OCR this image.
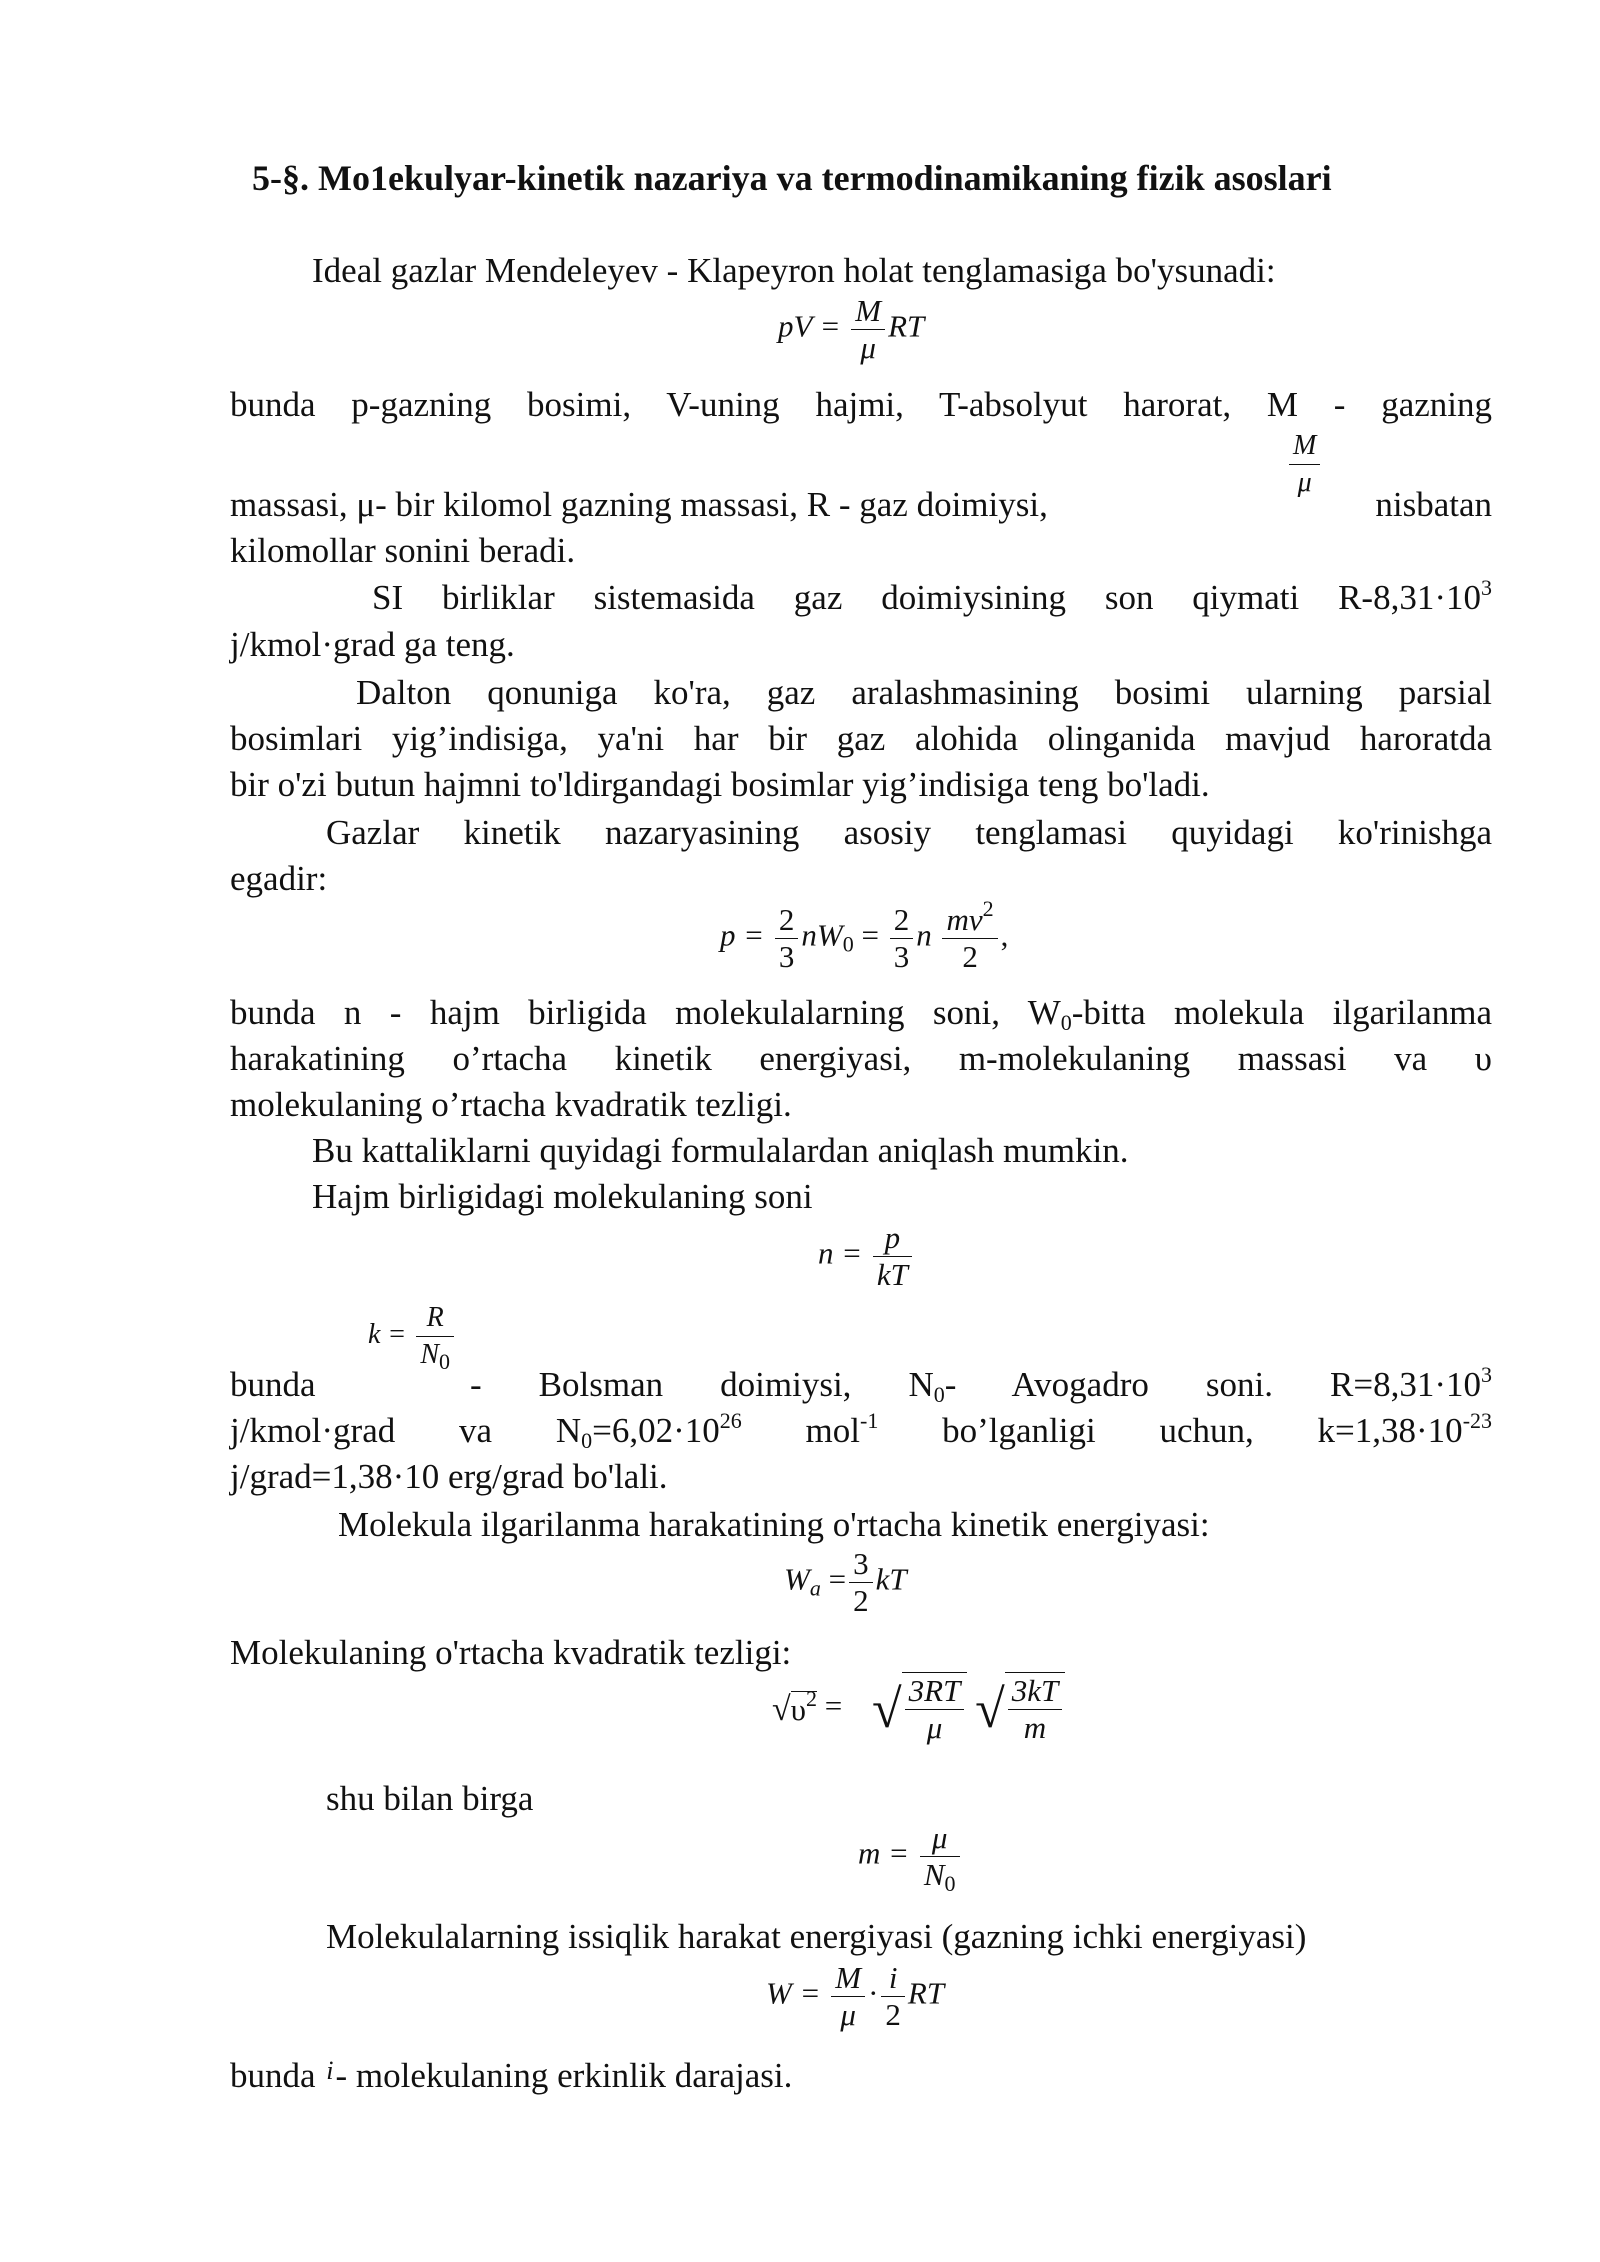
5-§. Mo1ekulyar-kinetik nazariya va termodinamikaning fizik asoslari
Ideal gazlar Mendeleyev - Klapeyron holat tenglamasiga bo'ysunadi:
pV = $\frac{M}{\mu}$ RT
bunda p-gazning bosimi, V-uning hajmi, T-absolyut harorat, M - gazning
$\frac{M}{\mu}$
massasi, μ- bir kilomol gazning massasi, R - gaz doimiysi,	nisbatan
kilomollar sonini beradi.
SI birliklar sistemasida gaz doimiysining son qiymati $R-8,31\cdot 10^3$
j/kmol·grad ga teng.
Dalton qonuniga ko'ra, gaz aralashmasining bosimi ularning parsial
bosimlari yig’indisiga, ya'ni har bir gaz alohida olinganida mavjud haroratda
bir o'zi butun hajmni to'ldirgandagi bosimlar yig’indisiga teng bo'ladi.
Gazlar kinetik nazaryasining asosiy tenglamasi quyidagi ko'rinishga
egadir:
$p = \frac{2}{3} nW_0 = \frac{2}{3}$ n $\frac{mv^2}{2}$ ,
bunda n - hajm birligida molekulalarning soni, $W_0$-bitta molekula ilgarilanma
harakatining o’rtacha kinetik energiyasi, m-molekulaning massasi va υ
molekulaning o’rtacha kvadratik tezligi.
Bu kattaliklarni quyidagi formulalardan aniqlash mumkin.
Hajm birligidagi molekulaning soni
$n = \frac{p}{kT}$
$k = \frac{R}{N_0}$
bunda	- Bolsman doimiysi, $N_0-$ Avogadro soni. $R=8,31\cdot 10^3$
j/kmol·grad va $N_0=6,02\cdot 10^{26}$ mol$^{-1}$ bo’lganligi uchun, $k=1,38\cdot 10^{-23}$
j/grad=1,38·10 erg/grad bo'lali.
Molekula ilgarilanma harakatining o'rtacha kinetik energiyasi:
$W_a = \frac{3}{2}$ kT
Molekulaning o'rtacha kvadratik tezligi:
$√\upsilon^2$ = √ $\frac{3RT}{\mu}$ √ $\frac{3kT}{m}$
shu bilan birga
$m = \frac{\mu}{N_0}$
Molekulalarning issiqlik harakat energiyasi (gazning ichki energiyasi)
$W = \frac{M}{\mu} \cdot \frac{i}{2}$ RT
bunda $^i$- molekulaning erkinlik darajasi.
